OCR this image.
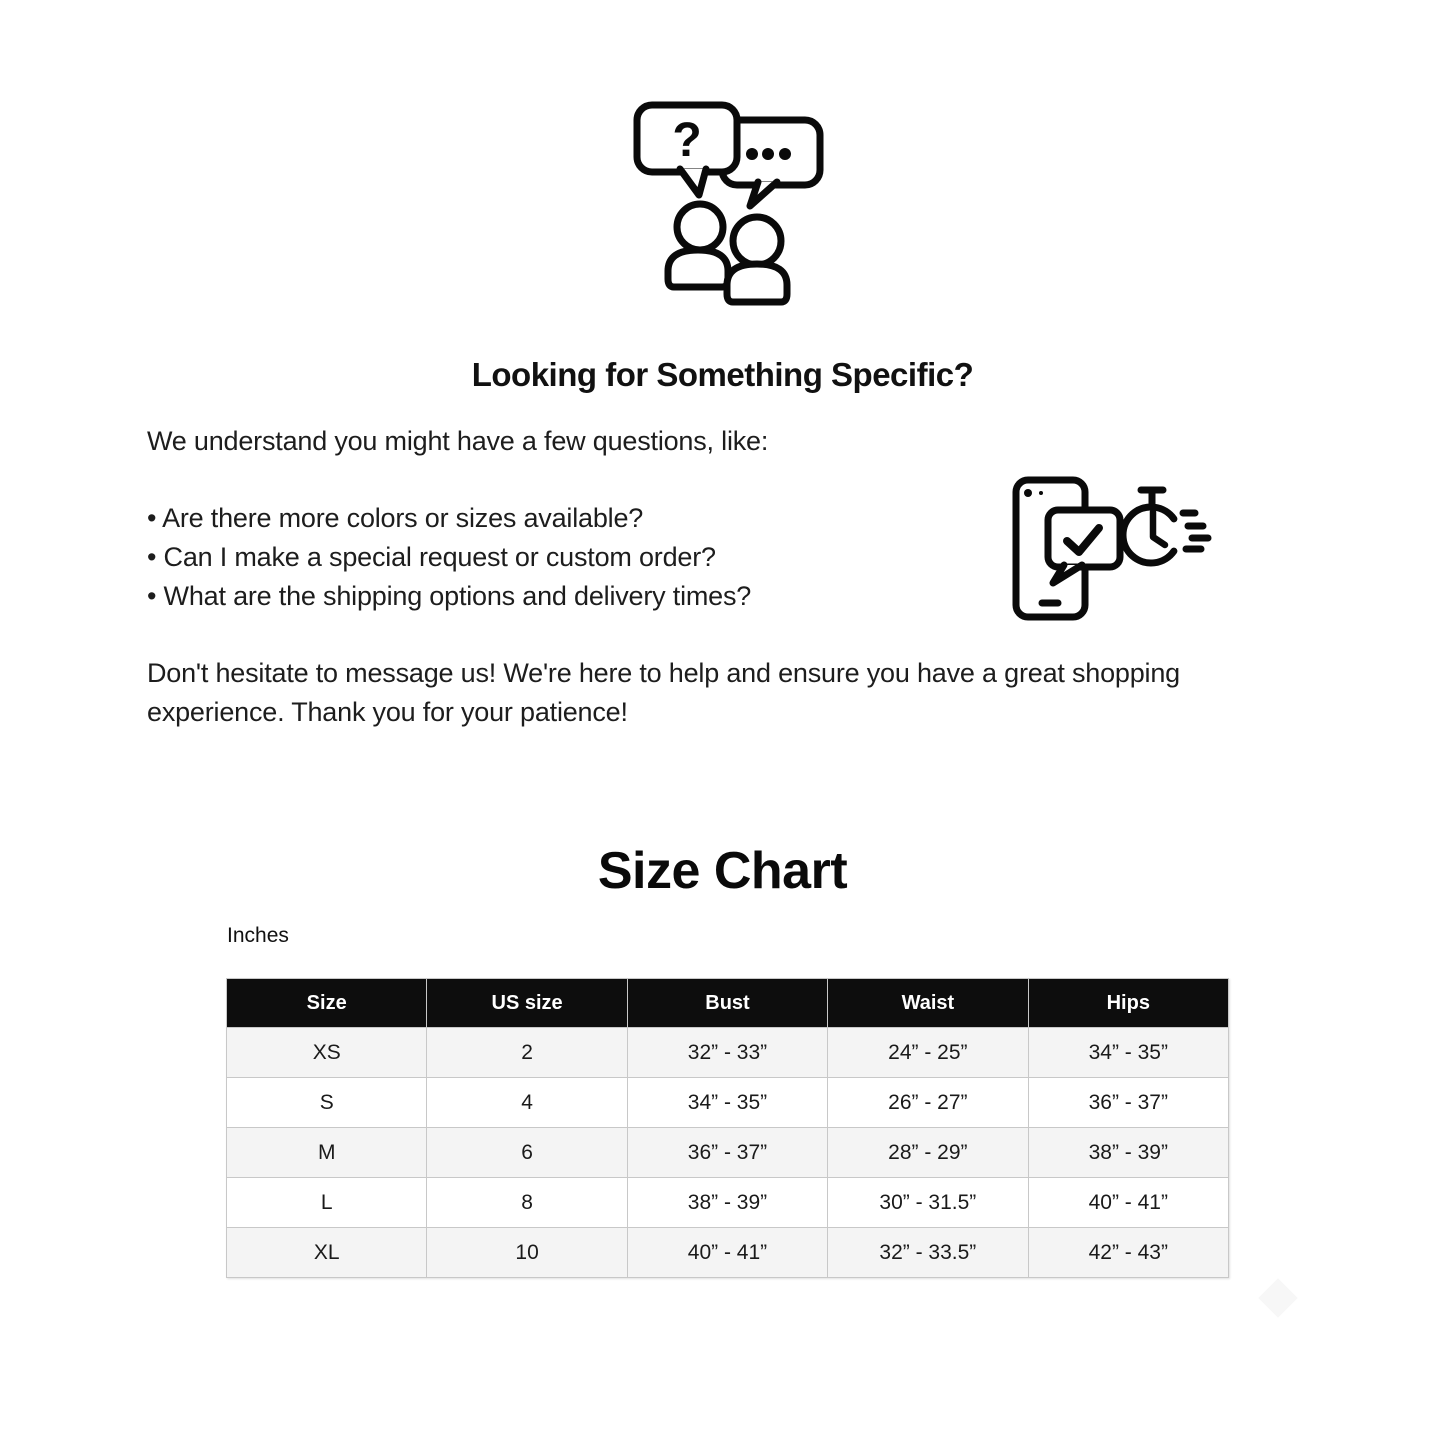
?
Looking for Something Specific?
We understand you might have a few questions, like:
• Are there more colors or sizes available?
• Can I make a special request or custom order?
• What are the shipping options and delivery times?
Don't hesitate to message us! We're here to help and ensure you have a great shopping experience. Thank you for your patience!
Size Chart
Inches
Size	US size	Bust	Waist	Hips
XS	2	32” - 33”	24” - 25”	34” - 35”
S	4	34” - 35”	26” - 27”	36” - 37”
M	6	36” - 37”	28” - 29”	38” - 39”
L	8	38” - 39”	30” - 31.5”	40” - 41”
XL	10	40” - 41”	32” - 33.5”	42” - 43”
